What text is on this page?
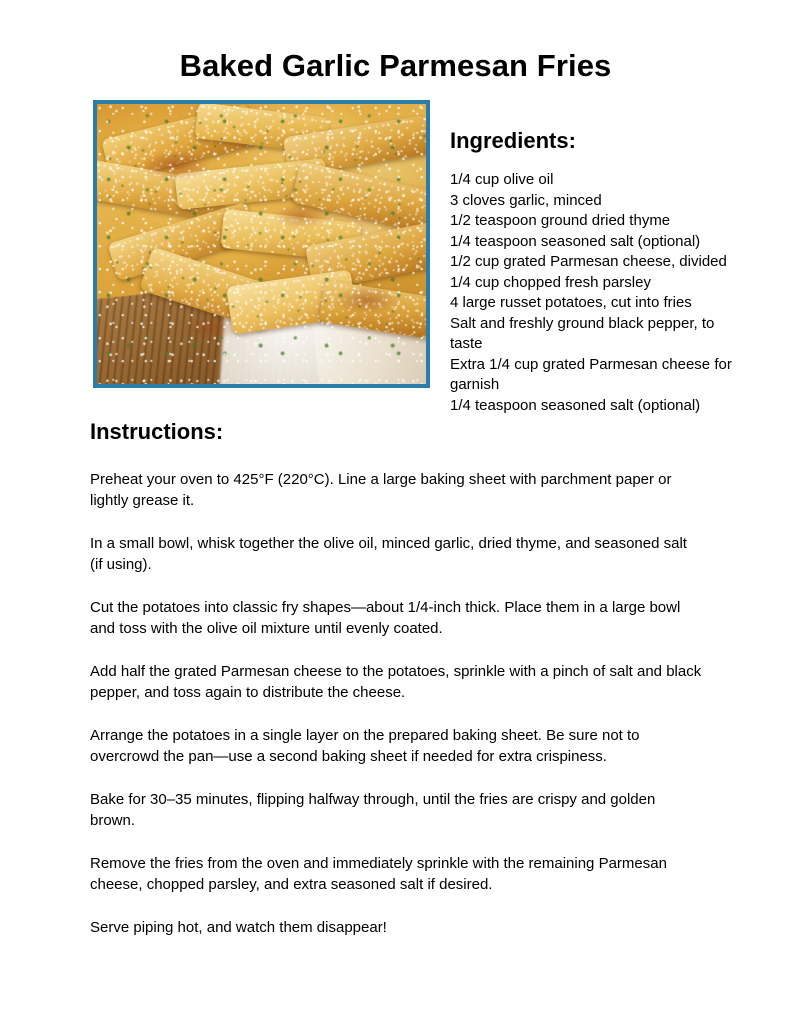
Baked Garlic Parmesan Fries
Ingredients:
1/4 cup olive oil
3 cloves garlic, minced
1/2 teaspoon ground dried thyme
1/4 teaspoon seasoned salt (optional)
1/2 cup grated Parmesan cheese, divided
1/4 cup chopped fresh parsley
4 large russet potatoes, cut into fries
Salt and freshly ground black pepper, to taste
Extra 1/4 cup grated Parmesan cheese for garnish
1/4 teaspoon seasoned salt (optional)
Instructions:

Preheat your oven to 425°F (220°C). Line a large baking sheet with parchment paper or lightly grease it.

In a small bowl, whisk together the olive oil, minced garlic, dried thyme, and seasoned salt (if using).

Cut the potatoes into classic fry shapes—about 1/4-inch thick. Place them in a large bowl and toss with the olive oil mixture until evenly coated.

Add half the grated Parmesan cheese to the potatoes, sprinkle with a pinch of salt and black pepper, and toss again to distribute the cheese.

Arrange the potatoes in a single layer on the prepared baking sheet. Be sure not to overcrowd the pan—use a second baking sheet if needed for extra crispiness.

Bake for 30–35 minutes, flipping halfway through, until the fries are crispy and golden brown.

Remove the fries from the oven and immediately sprinkle with the remaining Parmesan cheese, chopped parsley, and extra seasoned salt if desired.

Serve piping hot, and watch them disappear!
